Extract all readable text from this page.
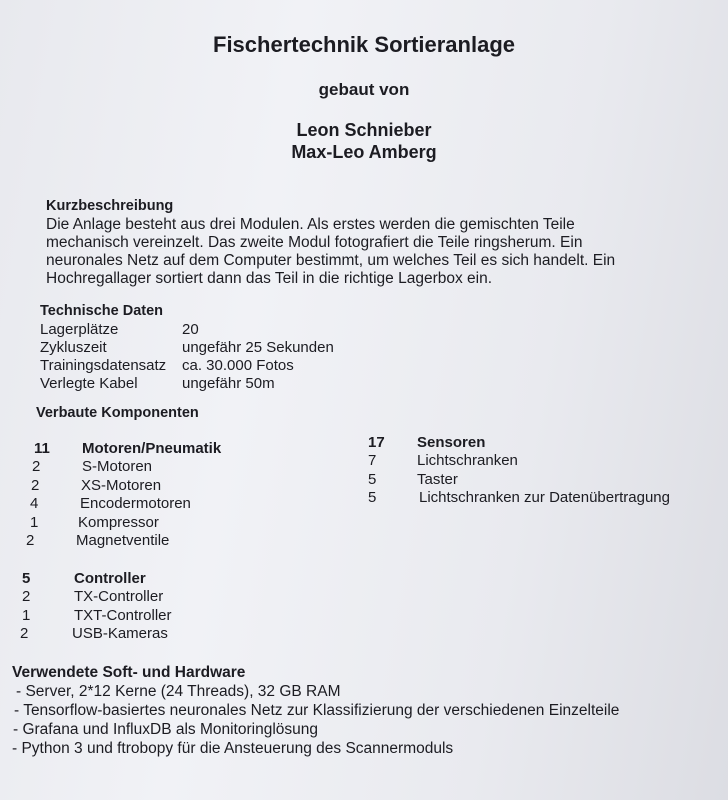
Fischertechnik Sortieranlage
gebaut von
Leon Schnieber
Max-Leo Amberg
Kurzbeschreibung
Die Anlage besteht aus drei Modulen. Als erstes werden die gemischten Teile
mechanisch vereinzelt. Das zweite Modul fotografiert die Teile ringsherum. Ein
neuronales Netz auf dem Computer bestimmt, um welches Teil es sich handelt. Ein
Hochregallager sortiert dann das Teil in die richtige Lagerbox ein.
Technische Daten
Lagerplätze	20
Zykluszeit	ungefähr 25 Sekunden
Trainingsdatensatz	ca. 30.000 Fotos
Verlegte Kabel	ungefähr 50m
Verbaute Komponenten
11 Motoren/Pneumatik
2	S-Motoren
2	XS-Motoren
4	Encodermotoren
1	Kompressor
2	Magnetventile
17 Sensoren
7	Lichtschranken
5	Taster
5	Lichtschranken zur Datenübertragung
5	Controller
2	TX-Controller
1	TXT-Controller
2	USB-Kameras
Verwendete Soft- und Hardware
- Server, 2*12 Kerne (24 Threads), 32 GB RAM
- Tensorflow-basiertes neuronales Netz zur Klassifizierung der verschiedenen Einzelteile
- Grafana und InfluxDB als Monitoringlösung
- Python 3 und ftrobopy für die Ansteuerung des Scannermoduls
